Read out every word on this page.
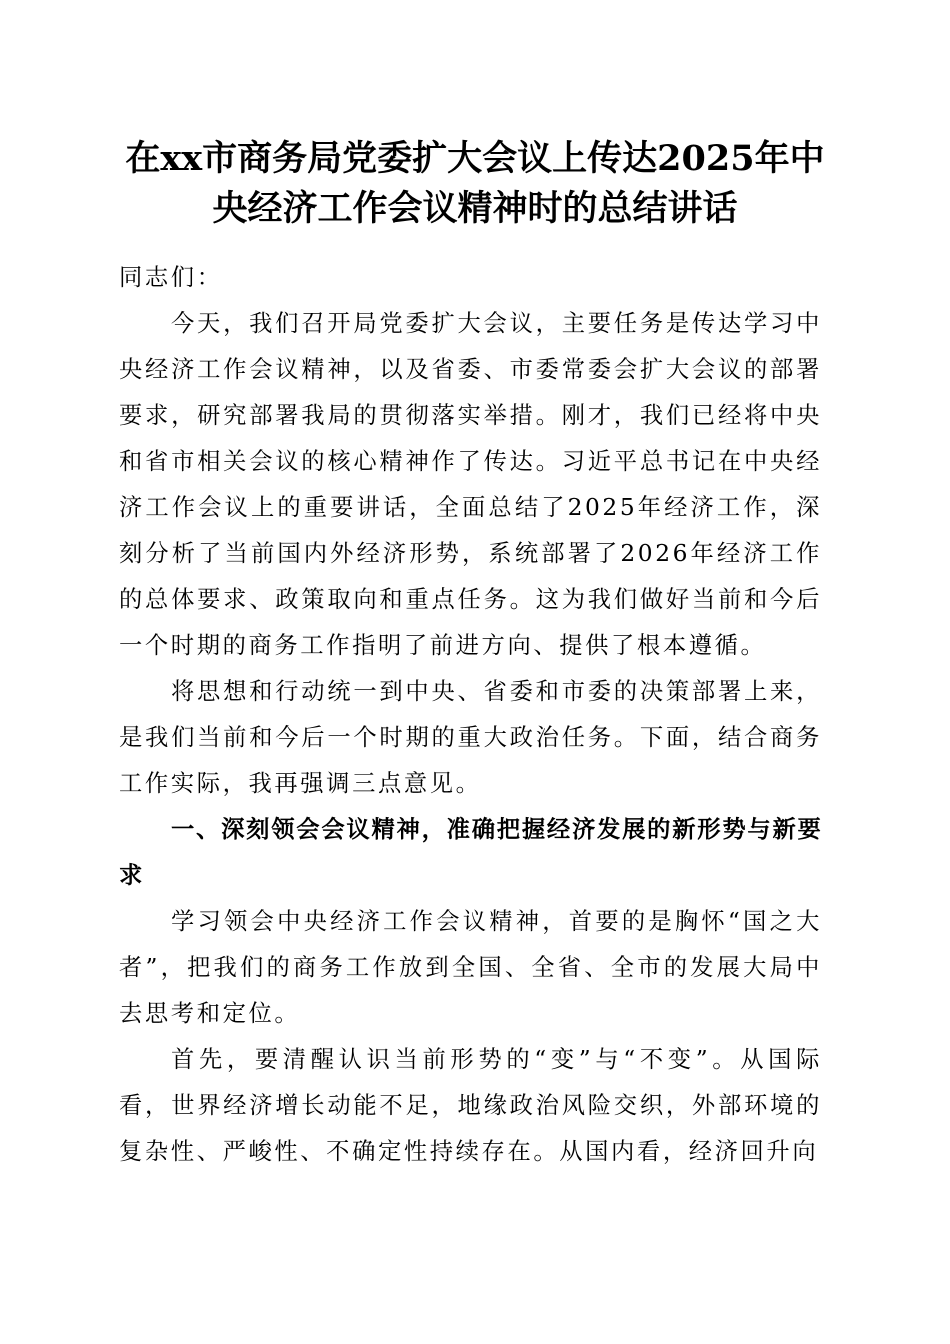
在xx市商务局党委扩大会议上传达2025年中央经济工作会议精神时的总结讲话

同志们：

今天，我们召开局党委扩大会议，主要任务是传达学习中央经济工作会议精神，以及省委、市委常委会扩大会议的部署要求，研究部署我局的贯彻落实举措。刚才，我们已经将中央和省市相关会议的核心精神作了传达。习近平总书记在中央经济工作会议上的重要讲话，全面总结了2025年经济工作，深刻分析了当前国内外经济形势，系统部署了2026年经济工作的总体要求、政策取向和重点任务。这为我们做好当前和今后一个时期的商务工作指明了前进方向、提供了根本遵循。

将思想和行动统一到中央、省委和市委的决策部署上来，是我们当前和今后一个时期的重大政治任务。下面，结合商务工作实际，我再强调三点意见。

一、深刻领会会议精神，准确把握经济发展的新形势与新要求

学习领会中央经济工作会议精神，首要的是胸怀“国之大者”，把我们的商务工作放到全国、全省、全市的发展大局中去思考和定位。

首先，要清醒认识当前形势的“变”与“不变”。从国际看，世界经济增长动能不足，地缘政治风险交织，外部环境的复杂性、严峻性、不确定性持续存在。从国内看，经济回升向
